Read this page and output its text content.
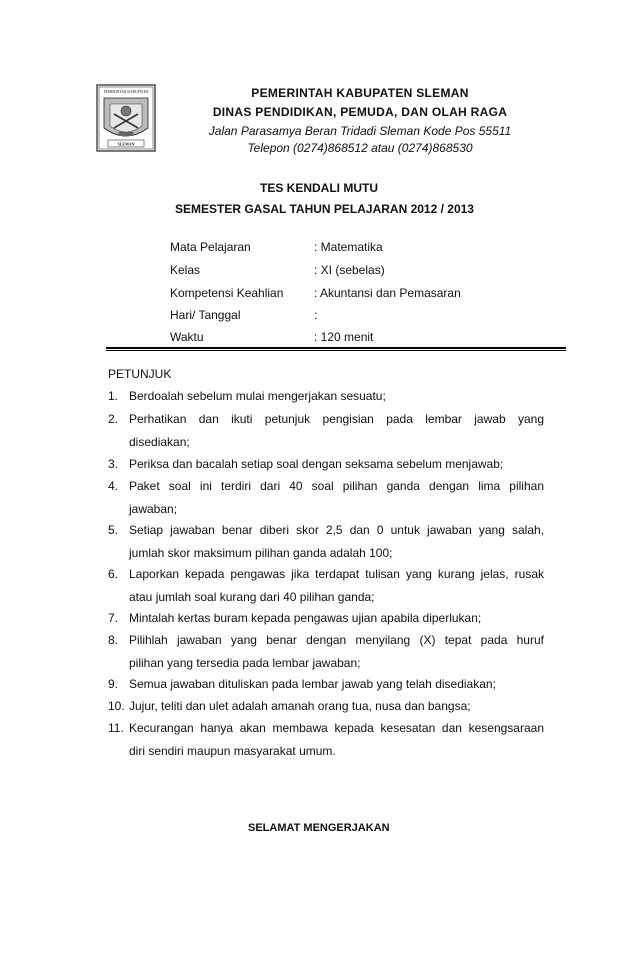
PEMERINTAH KABUPATEN
SLEMAN
PEMERINTAH KABUPATEN SLEMAN
DINAS PENDIDIKAN, PEMUDA, DAN OLAH RAGA
Jalan Parasamya Beran Tridadi Sleman Kode Pos 55511
Telepon (0274)868512 atau (0274)868530
TES KENDALI MUTU
SEMESTER GASAL TAHUN PELAJARAN 2012 / 2013
Mata Pelajaran	: Matematika
Kelas	: XI (sebelas)
Kompetensi Keahlian	: Akuntansi dan Pemasaran
Hari/ Tanggal	:
Waktu	: 120 menit
PETUNJUK
1. Berdoalah sebelum mulai mengerjakan sesuatu;
2. Perhatikan dan ikuti petunjuk pengisian pada lembar jawab yang
disediakan;
3. Periksa dan bacalah setiap soal dengan seksama sebelum menjawab;
4. Paket soal ini terdiri dari 40 soal pilihan ganda dengan lima pilihan
jawaban;
5. Setiap jawaban benar diberi skor 2,5 dan 0 untuk jawaban yang salah,
jumlah skor maksimum pilihan ganda adalah 100;
6. Laporkan kepada pengawas jika terdapat tulisan yang kurang jelas, rusak
atau jumlah soal kurang dari 40 pilihan ganda;
7. Mintalah kertas buram kepada pengawas ujian apabila diperlukan;
8. Pilihlah jawaban yang benar dengan menyilang (X) tepat pada huruf
pilihan yang tersedia pada lembar jawaban;
9. Semua jawaban dituliskan pada lembar jawab yang telah disediakan;
10. Jujur, teliti dan ulet adalah amanah orang tua, nusa dan bangsa;
11. Kecurangan hanya akan membawa kepada kesesatan dan kesengsaraan
diri sendiri maupun masyarakat umum.
SELAMAT MENGERJAKAN
